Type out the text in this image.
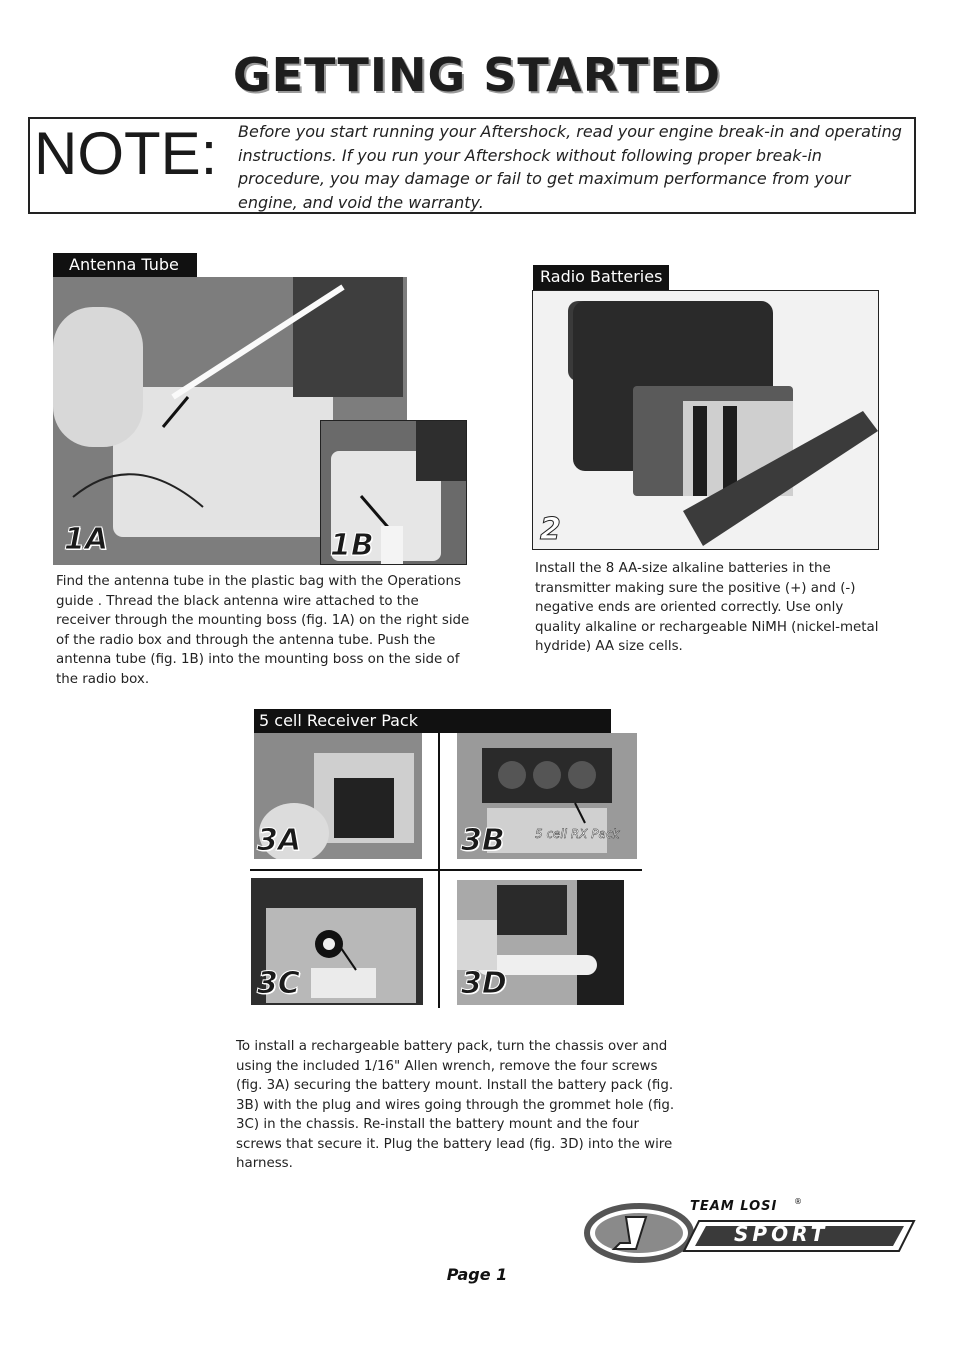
GETTING STARTED
NOTE: Before you start running your Aftershock, read your engine break-in and operating instructions. If you run your Aftershock without following proper break-in procedure, you may damage or fail to get maximum performance from your engine, and void the warranty.
Antenna Tube
1A	1B
Find the antenna tube in the plastic bag with the Operations guide . Thread the black antenna wire attached to the receiver through the mounting boss (fig. 1A) on the right side of the radio box and through the antenna tube. Push the antenna tube (fig. 1B) into the mounting boss on the side of the radio box.
Radio Batteries
2
Install the 8 AA-size alkaline batteries in the transmitter making sure the positive (+) and (-) negative ends are oriented correctly. Use only quality alkaline or rechargeable NiMH (nickel-metal hydride) AA size cells.
5 cell Receiver Pack
3A	5 cell RX Pack
3B
3C	3D
To install a rechargeable battery pack, turn the chassis over and using the included 1/16" Allen wrench, remove the four screws (fig. 3A) securing the battery mount. Install the battery pack (fig. 3B) with the plug and wires going through the grommet hole (fig. 3C) in the chassis. Re-install the battery mount and the four screws that secure it. Plug the battery lead (fig. 3D) into the wire harness.
TEAM LOSI ®
SPORT
Page 1
